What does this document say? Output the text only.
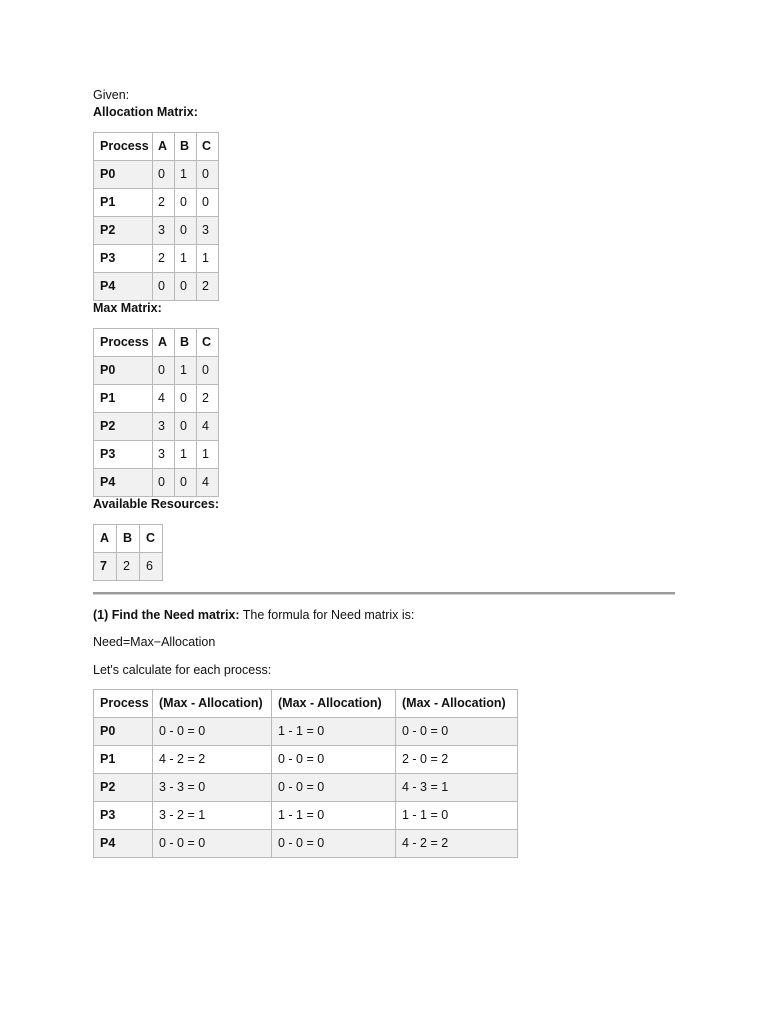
Given:
Allocation Matrix:
Process	A	B	C
P0	0	1	0
P1	2	0	0
P2	3	0	3
P3	2	1	1
P4	0	0	2
Max Matrix:
Process	A	B	C
P0	0	1	0
P1	4	0	2
P2	3	0	4
P3	3	1	1
P4	0	0	4
Available Resources:
A	B	C
7	2	6
(1) Find the Need matrix: The formula for Need matrix is:
Need=Max−Allocation
Let's calculate for each process:
Process	(Max - Allocation)	(Max - Allocation)	(Max - Allocation)
P0	0 - 0 = 0	1 - 1 = 0	0 - 0 = 0
P1	4 - 2 = 2	0 - 0 = 0	2 - 0 = 2
P2	3 - 3 = 0	0 - 0 = 0	4 - 3 = 1
P3	3 - 2 = 1	1 - 1 = 0	1 - 1 = 0
P4	0 - 0 = 0	0 - 0 = 0	4 - 2 = 2
